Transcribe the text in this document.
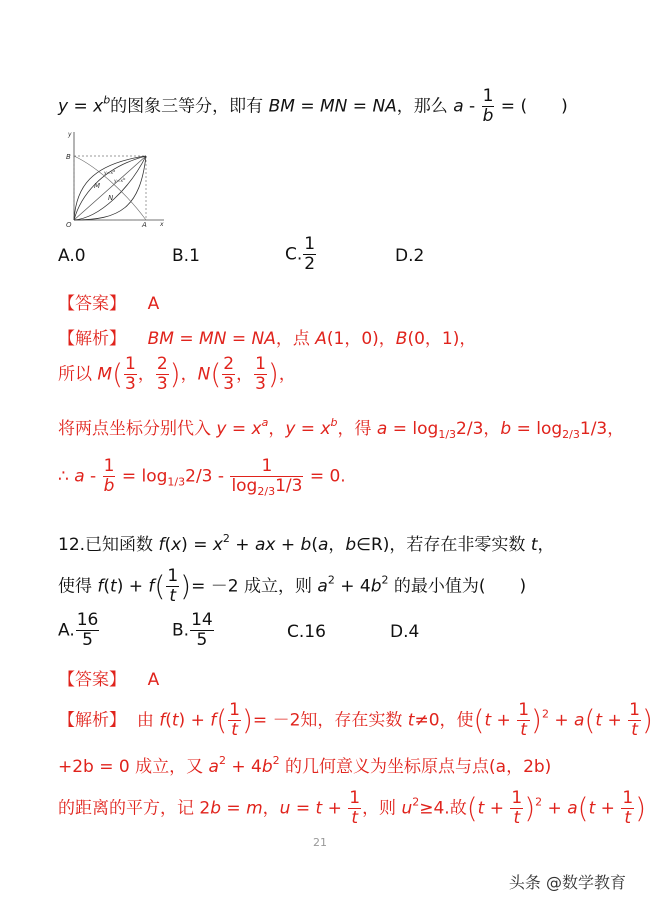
$y = x^b$的图象三等分，即有 BM = MN = NA，那么 a - $\frac{1}{b}$ = (　　)
y
x
O	A
B
M
N
$y=x^a$
$y=x^b$
A.0	B.1	C. $\frac{1}{2}$	D.2
【答案】 A
【解析】 BM = MN = NA，点 A(1，0)，B(0，1)，
所以 $M( \frac{1}{3}$ ， $\frac{2}{3}$ )，$N( \frac{2}{3}$ ， $\frac{1}{3}$ )，
将两点坐标分别代入 $y = x^a$，$y = x^b$，得 $a = \log_{1/3}2/3$，$b = \log_{2/3}1/3$，
∴ $a - \frac{1}{b} = \log_{1/3}2/3 - \frac{1}{\log_{2/3}1/3} = 0$.
12.已知函数 $f(x) = x^2$ + ax + b(a，b∈R)，若存在非零实数 t，
使得 $f(t) + f( \frac{1}{t}$ )= －2 成立，则 $a^2 + 4b^2$ 的最小值为(　　)
A. $\frac{16}{5}$	B. $\frac{14}{5}$	C.16	D.4
【答案】 A
【解析】 由 $f(t) + f( \frac{1}{t}$ )= －2知，存在实数 t≠0，使$(t + \frac{1}{t} )^2 + a(t + \frac{1}{t}$ )
+2b = 0 成立，又 $a^2 + 4b^2$ 的几何意义为坐标原点与点(a，2b)
的距离的平方，记 2b = m，$u = t + \frac{1}{t}$ ，则 $u^2\ge 4$.故$(t + \frac{1}{t} )^2 + a(t + \frac{1}{t}$ )
21
头条 @数学教育
